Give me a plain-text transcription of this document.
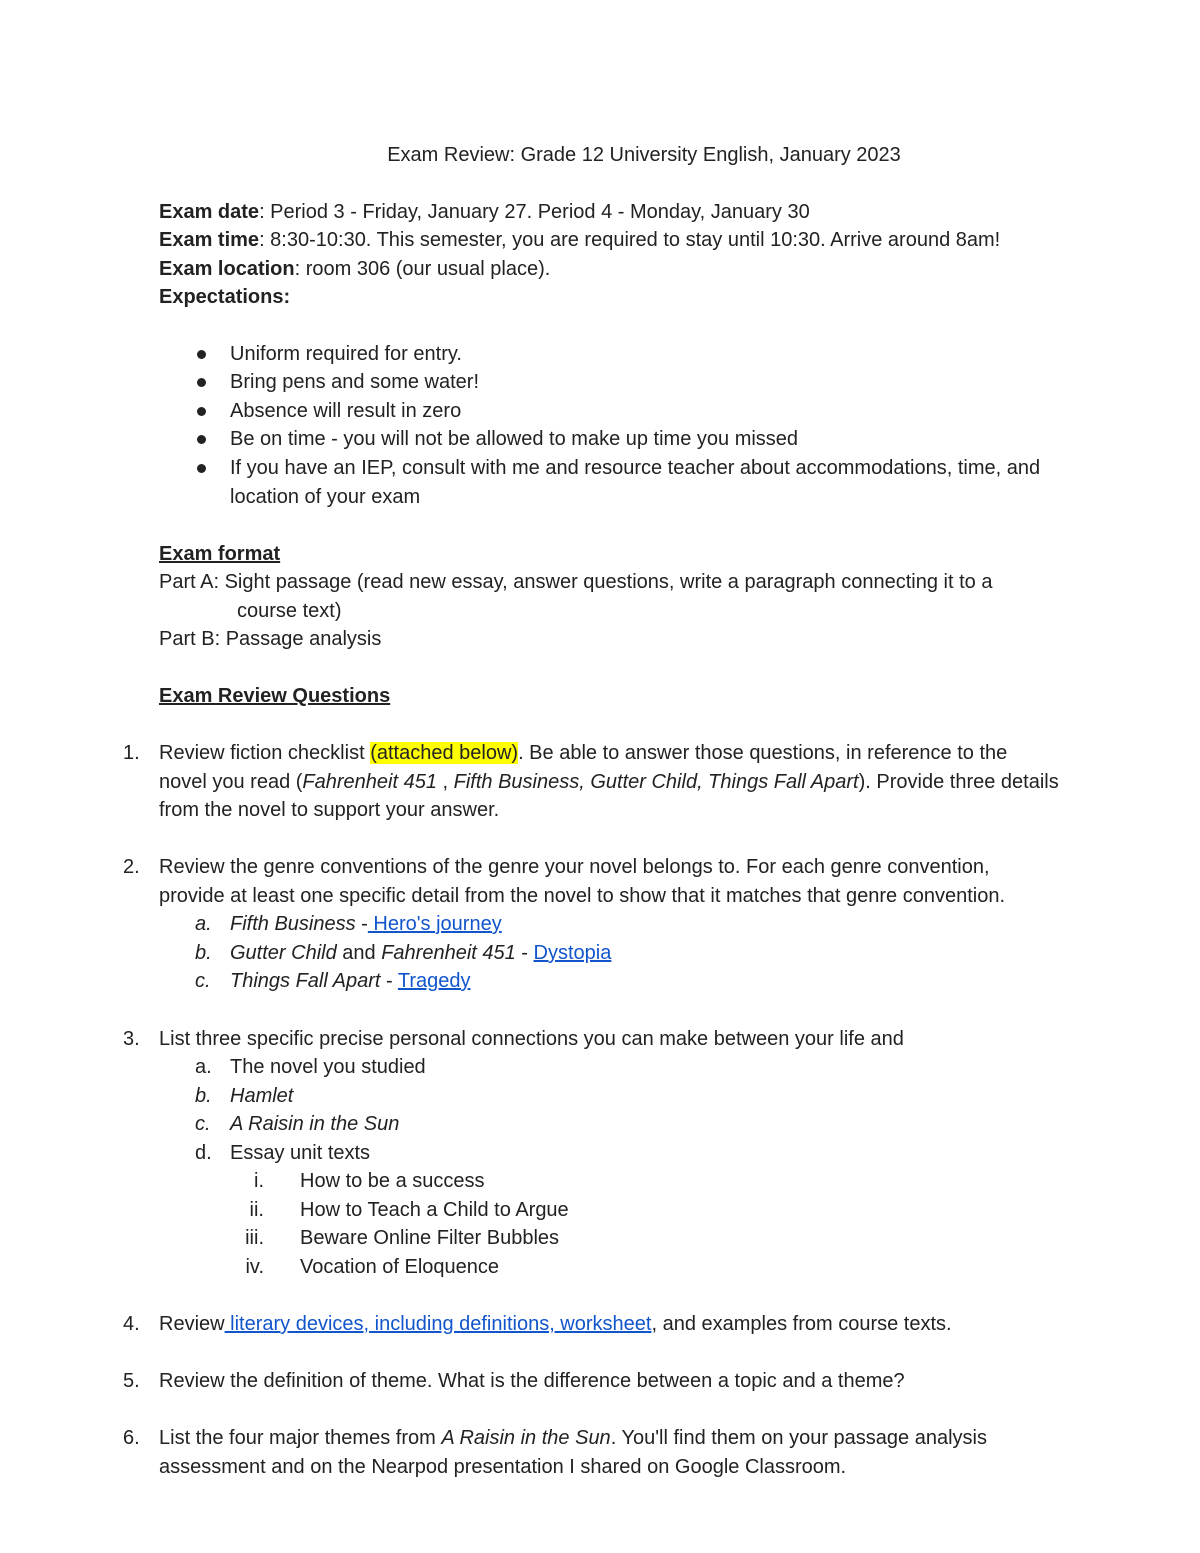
Exam Review: Grade 12 University English, January 2023
Exam date: Period 3 - Friday, January 27. Period 4 - Monday, January 30
Exam time: 8:30-10:30. This semester, you are required to stay until 10:30. Arrive around 8am!
Exam location: room 306 (our usual place).
Expectations:
Uniform required for entry.
Bring pens and some water!
Absence will result in zero
Be on time - you will not be allowed to make up time you missed
If you have an IEP, consult with me and resource teacher about accommodations, time, and
location of your exam
Exam format
Part A: Sight passage (read new essay, answer questions, write a paragraph connecting it to a
course text)
Part B: Passage analysis
Exam Review Questions
1. Review fiction checklist (attached below). Be able to answer those questions, in reference to the
novel you read (Fahrenheit 451 , Fifth Business, Gutter Child, Things Fall Apart). Provide three details
from the novel to support your answer.
2. Review the genre conventions of the genre your novel belongs to. For each genre convention,
provide at least one specific detail from the novel to show that it matches that genre convention.
a. Fifth Business - Hero's journey
b. Gutter Child and Fahrenheit 451 - Dystopia
c. Things Fall Apart - Tragedy
3. List three specific precise personal connections you can make between your life and
a. The novel you studied
b. Hamlet
c. A Raisin in the Sun
d. Essay unit texts
i. How to be a success
ii. How to Teach a Child to Argue
iii. Beware Online Filter Bubbles
iv. Vocation of Eloquence
4. Review literary devices, including definitions, worksheet, and examples from course texts.
5. Review the definition of theme. What is the difference between a topic and a theme?
6. List the four major themes from A Raisin in the Sun. You'll find them on your passage analysis
assessment and on the Nearpod presentation I shared on Google Classroom.
